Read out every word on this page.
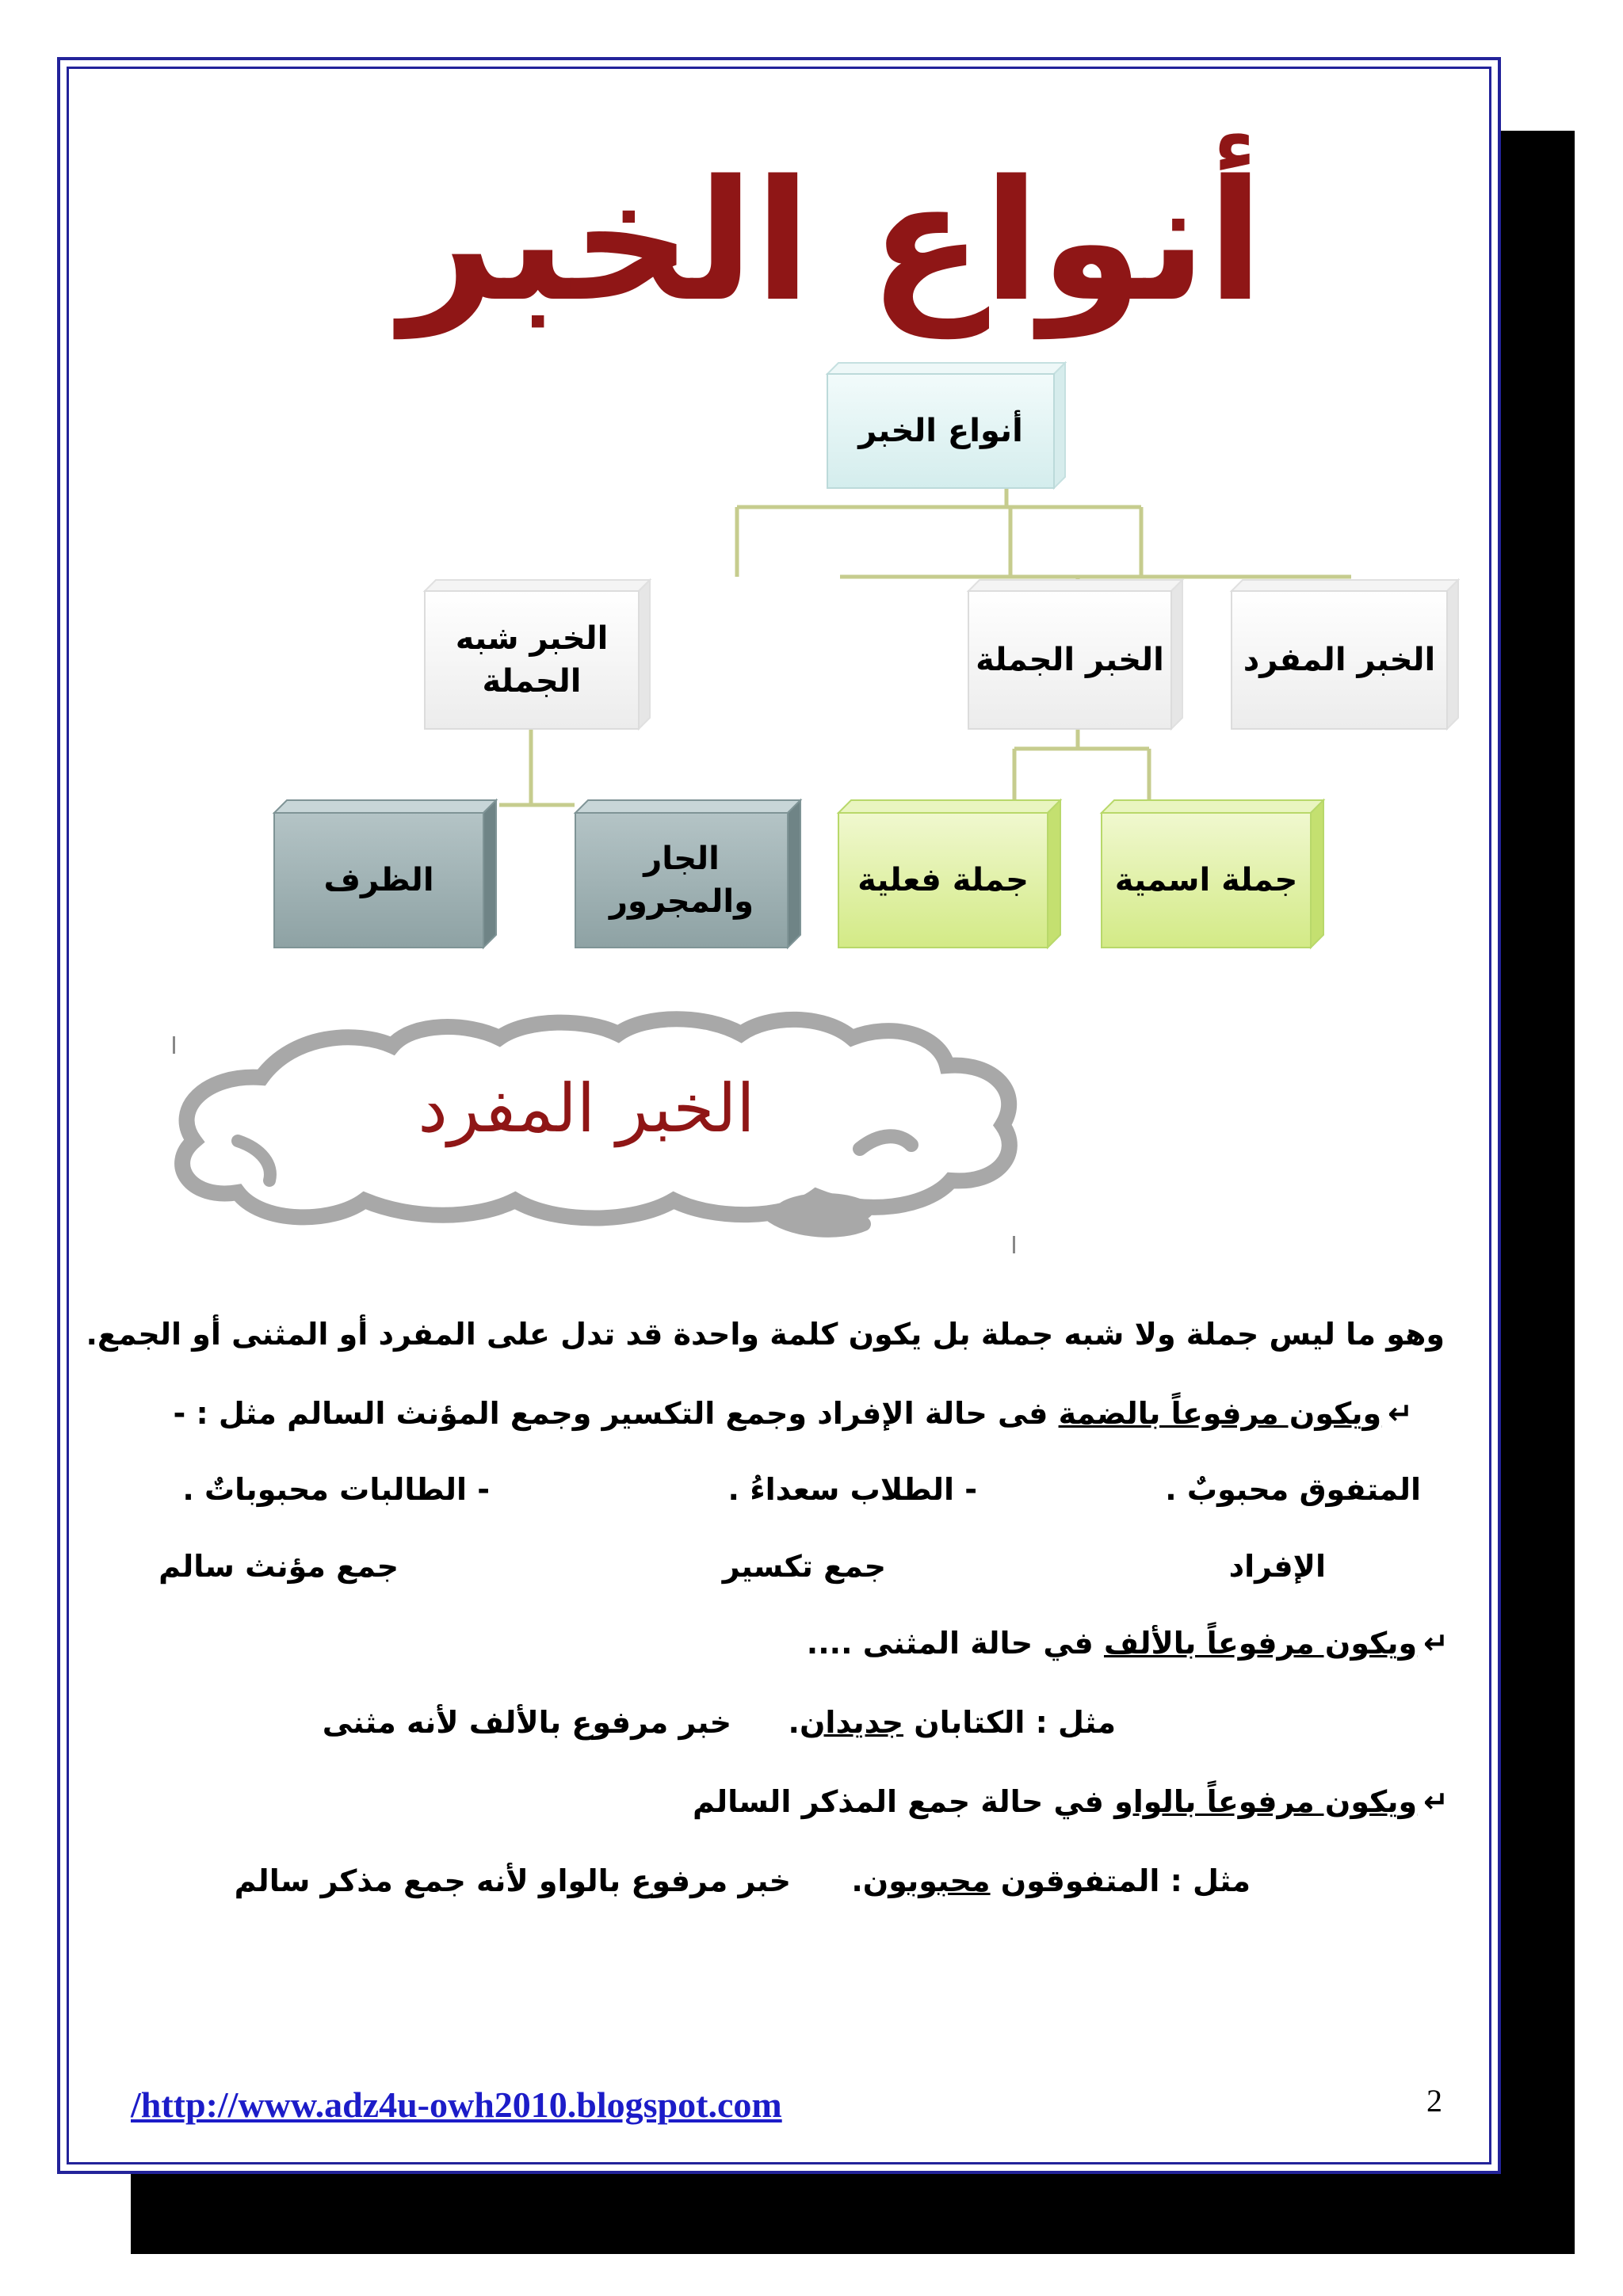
أنواع الخبر
أنواع الخبر
الخبر المفرد
الخبر الجملة
الخبر شبه الجملة
جملة اسمية
جملة فعلية
الجار والمجرور
الظرف
الخبر المفرد
وهو ما ليس جملة ولا شبه جملة بل يكون كلمة واحدة قد تدل على المفرد أو المثنى أو الجمع.
↵ويكون مرفوعاً بالضمة فى حالة الإفراد وجمع التكسير وجمع المؤنث السالم مثل : -
المتفوق محبوبٌ .
- الطلاب سعداءُ .
- الطالبات محبوباتٌ .
الإفراد
جمع تكسير
جمع مؤنث سالم
↵ويكون مرفوعاً بالألف في حالة المثنى ....
مثل : الكتابان جديدان.
خبر مرفوع بالألف لأنه مثنى
↵ويكون مرفوعاً بالواو في حالة جمع المذكر السالم
مثل : المتفوقون محبوبون.
خبر مرفوع بالواو لأنه جمع مذكر سالم
/http://www.adz4u-owh2010.blogspot.com	2
